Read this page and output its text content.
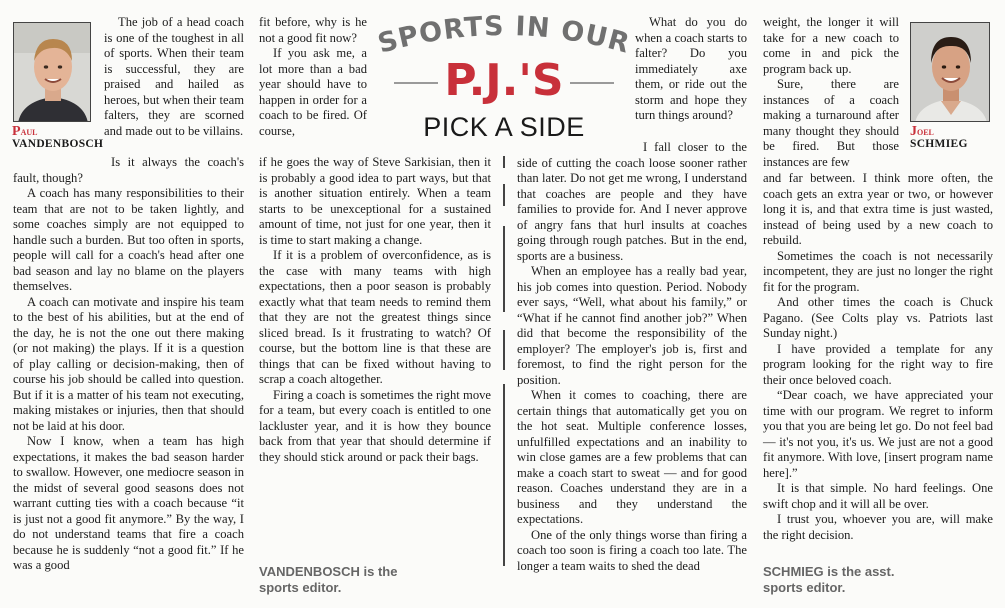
Paul
VANDENBOSCH

The job of a head coach is one of the toughest in all of sports. When their team is successful, they are praised and hailed as heroes, but when their team falters, they are scorned and made out to be villains.

Is it always the coach's fault, though?

A coach has many responsibilities to their team that are not to be taken lightly, and some coaches simply are not equipped to handle such a burden. But too often in sports, people will call for a coach's head after one bad season and lay no blame on the players themselves.

A coach can motivate and inspire his team to the best of his abilities, but at the end of the day, he is not the one out there making (or not making) the plays. If it is a question of play calling or decision-making, then of course his job should be called into question. But if it is a matter of his team not executing, making mistakes or injuries, then that should not be laid at his door.

Now I know, when a team has high expectations, it makes the bad season harder to swallow. However, one mediocre season in the midst of several good seasons does not warrant cutting ties with a coach because “it is just not a good fit anymore.” By the way, I do not understand teams that fire a coach because he is suddenly “not a good fit.” If he was a good

fit before, why is he not a good fit now?

If you ask me, a lot more than a bad year should have to happen in order for a coach to be fired. Of course,

if he goes the way of Steve Sarkisian, then it is probably a good idea to part ways, but that is another situation entirely. When a team starts to be unexceptional for a sustained amount of time, not just for one year, then it is time to start making a change.

If it is a problem of overconfidence, as is the case with many teams with high expectations, then a poor season is probably exactly what that team needs to remind them that they are not the greatest things since sliced bread. Is it frustrating to watch? Of course, but the bottom line is that these are things that can be fixed without having to scrap a coach altogether.

Firing a coach is sometimes the right move for a team, but every coach is entitled to one lackluster year, and it is how they bounce back from that year that should determine if they should stick around or pack their bags.

VANDENBOSCH is the sports editor.
SPORTS IN OUR
P.J.'S
PICK A SIDE

What do you do when a coach starts to falter? Do you immediately axe them, or ride out the storm and hope they turn things around?

I fall closer to the side of cutting the coach loose sooner rather than later. Do not get me wrong, I understand that coaches are people and they have families to provide for. And I never approve of angry fans that hurl insults at coaches going through rough patches. But in the end, sports are a business.

When an employee has a really bad year, his job comes into question. Period. Nobody ever says, “Well, what about his family,” or “What if he cannot find another job?” When did that become the responsibility of the employer? The employer's job is, first and foremost, to find the right person for the position.

When it comes to coaching, there are certain things that automatically get you on the hot seat. Multiple conference losses, unfulfilled expectations and an inability to win close games are a few problems that can make a coach start to sweat — and for good reason. Coaches understand they are in a business and they understand the expectations.

One of the only things worse than firing a coach too soon is firing a coach too late. The longer a team waits to shed the dead

weight, the longer it will take for a new coach to come in and pick the program back up.

Sure, there are instances of a coach making a turnaround after many thought they should be fired. But those instances are few

and far between. I think more often, the coach gets an extra year or two, or however long it is, and that extra time is just wasted, instead of being used by a new coach to rebuild.

Sometimes the coach is not necessarily incompetent, they are just no longer the right fit for the program.

And other times the coach is Chuck Pagano. (See Colts play vs. Patriots last Sunday night.)

I have provided a template for any program looking for the right way to fire their once beloved coach.

“Dear coach, we have appreciated your time with our program. We regret to inform you that you are being let go. Do not feel bad — it's not you, it's us. We just are not a good fit anymore. With love, [insert program name here].”

It is that simple. No hard feelings. One swift chop and it will all be over.

I trust you, whoever you are, will make the right decision.

Joel
SCHMIEG
SCHMIEG is the asst. sports editor.
